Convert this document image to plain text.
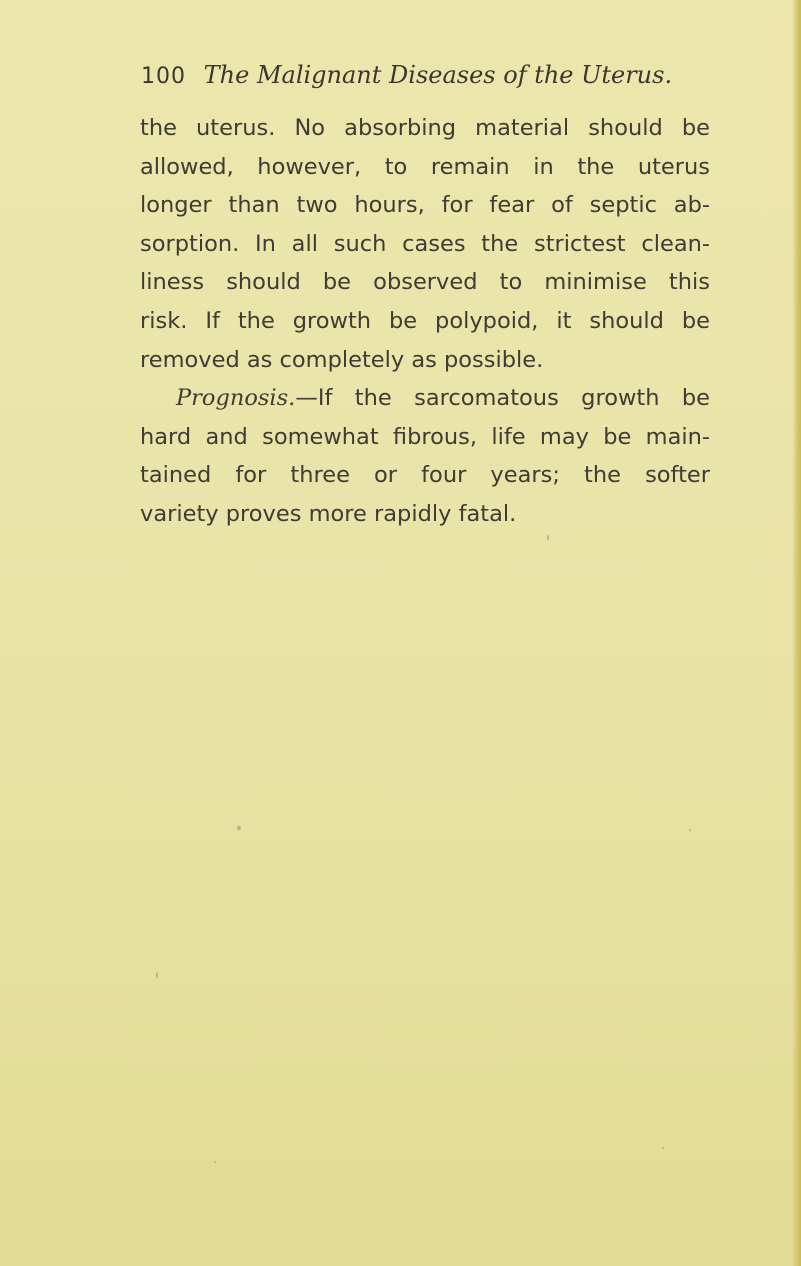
100 The Malignant Diseases of the Uterus.
the uterus. No absorbing material should be
allowed, however, to remain in the uterus
longer than two hours, for fear of septic ab-
sorption. In all such cases the strictest clean-
liness should be observed to minimise this
risk. If the growth be polypoid, it should be
removed as completely as possible.
Prognosis.—If the sarcomatous growth be
hard and somewhat fibrous, life may be main-
tained for three or four years; the softer
variety proves more rapidly fatal.
